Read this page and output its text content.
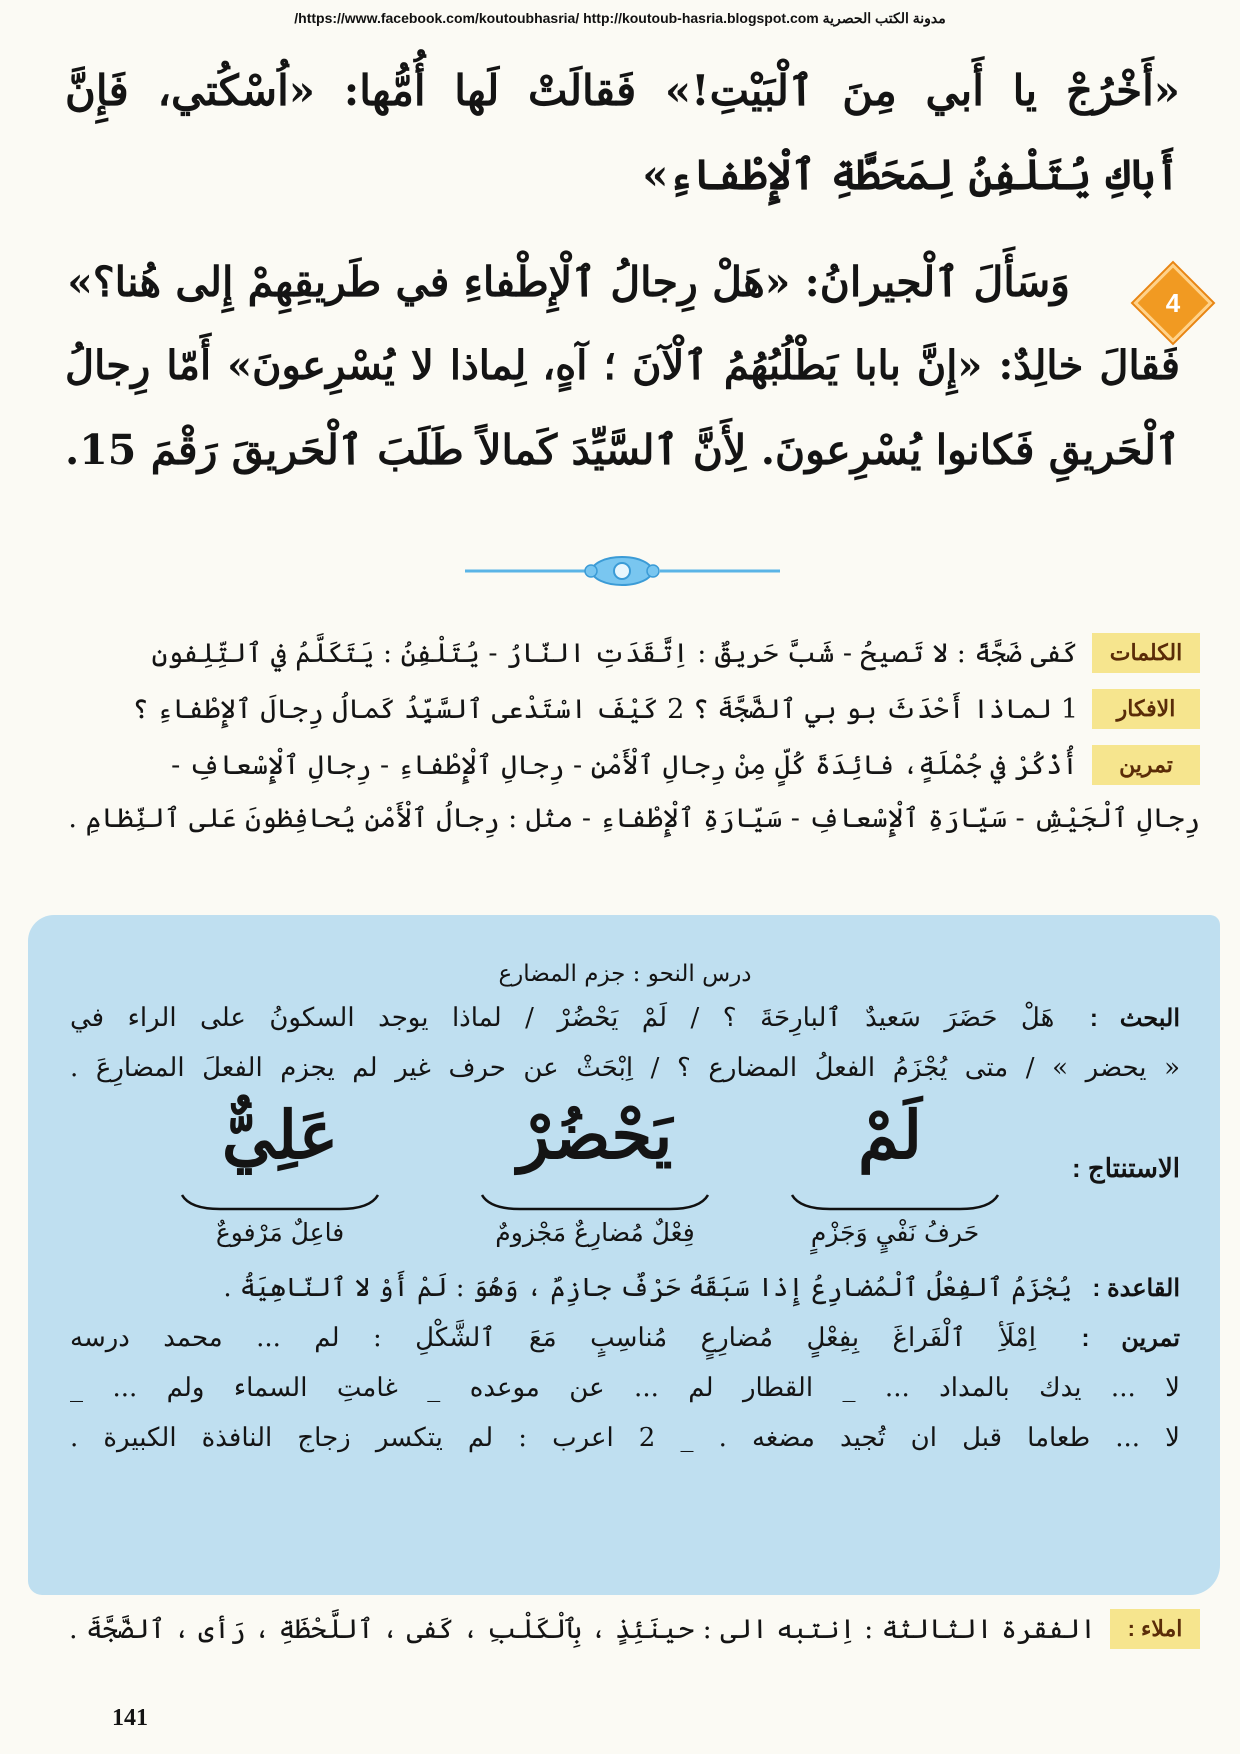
/https://www.facebook.com/koutoubhasria/ http://koutoub-hasria.blogspot.com مدونة الكتب الحصرية
«أَخْرُجْ يا أَبي مِنَ ٱلْبَيْتِ!» فَقالَتْ لَها أُمُّها: «اُسْكُتي، فَإِنَّ
أَباكِ يُتَلْفِنُ لِمَحَطَّةِ ٱلْإِطْفاءِ»
4
وَسَأَلَ ٱلْجيرانُ: «هَلْ رِجالُ ٱلْإِطْفاءِ في طَريقِهِمْ إِلى هُنا؟»
فَقالَ خالِدٌ: «إِنَّ بابا يَطْلُبُهُمُ ٱلْآنَ ؛ آهٍ، لِماذا لا يُسْرِعونَ» أَمّا رِجالُ
ٱلْحَريقِ فَكانوا يُسْرِعونَ. لِأَنَّ ٱلسَّيِّدَ كَمالاً طَلَبَ ٱلْحَريقَ رَقْمَ 15.
الكلمات
كَفى ضَجَّةً : لا تَصيحُ - شَبَّ حَريقٌ : اِتَّقَدَتِ النّارُ - يُتَلْفِنُ : يَتَكَلَّمُ في ٱلتِّلِفونِ
الافكار
1 لماذا أَحْدَثَ بو بي ٱلضَّجَّةَ ؟ 2 كَيْفَ اسْتَدْعى ٱلسَّيِّدُ كَمالُ رِجالَ ٱلإِطْفاءِ ؟
تمرين
أُذْكُرْ في جُمْلَةٍ، فائِدَةَ كُلٍّ مِنْ رِجالِ ٱلْأَمْنِ - رِجالِ ٱلْإِطْفاءِ - رِجالِ ٱلْإِسْعافِ -
رِجالِ ٱلْجَيْشِ - سَيّارَةِ ٱلْإِسْعافِ - سَيّارَةِ ٱلْإِطْفاءِ - مثل : رِجالُ ٱلْأَمْنِ يُحافِظونَ عَلى ٱلنِّظامِ .
درس النحو : جزم المضارع
البحث : هَلْ حَضَرَ سَعيدٌ ٱلبارِحَةَ ؟ / لَمْ يَحْضُرْ / لماذا يوجد السكونُ على الراء في
« يحضر » / متى يُجْزَمُ الفعلُ المضارع ؟ / اِبْحَثْ عن حرف غير لم يجزم الفعلَ المضارِعَ .
الاستنتاج :
لَمْ
يَحْضُرْ
عَلِيٌّ
حَرفُ نَفْيٍ وَجَزْمٍ
فِعْلٌ مُضارِعٌ مَجْزومٌ
فاعِلٌ مَرْفوعٌ
القاعدة : يُجْزَمُ ٱلفِعْلُ ٱلْمُضارِعُ إِذا سَبَقَهُ حَرْفٌ جازِمٌ ، وَهُوَ : لَمْ أَوْ لا ٱلنّاهِيَةُ .
تمرين : اِمْلَأِ ٱلْفَراغَ بِفِعْلٍ مُضارِعٍ مُناسِبٍ مَعَ ٱلشَّكْلِ : لم ... محمد درسه
لا ... يدك بالمداد ... _ القطار لم ... عن موعده _ غامتِ السماء ولم ... _
لا ... طعاما قبل ان تُجيد مضغه . _ 2 اعرب : لم يتكسر زجاج النافذة الكبيرة .
املاء :
الفقرة الثالثة : اِنتبه الى : حينَئِذٍ ، بِٱلْكَلْبِ ، كَفى ، ٱللَّحْظَةِ ، رَأى ، ٱلضَّجَّةَ .
141
